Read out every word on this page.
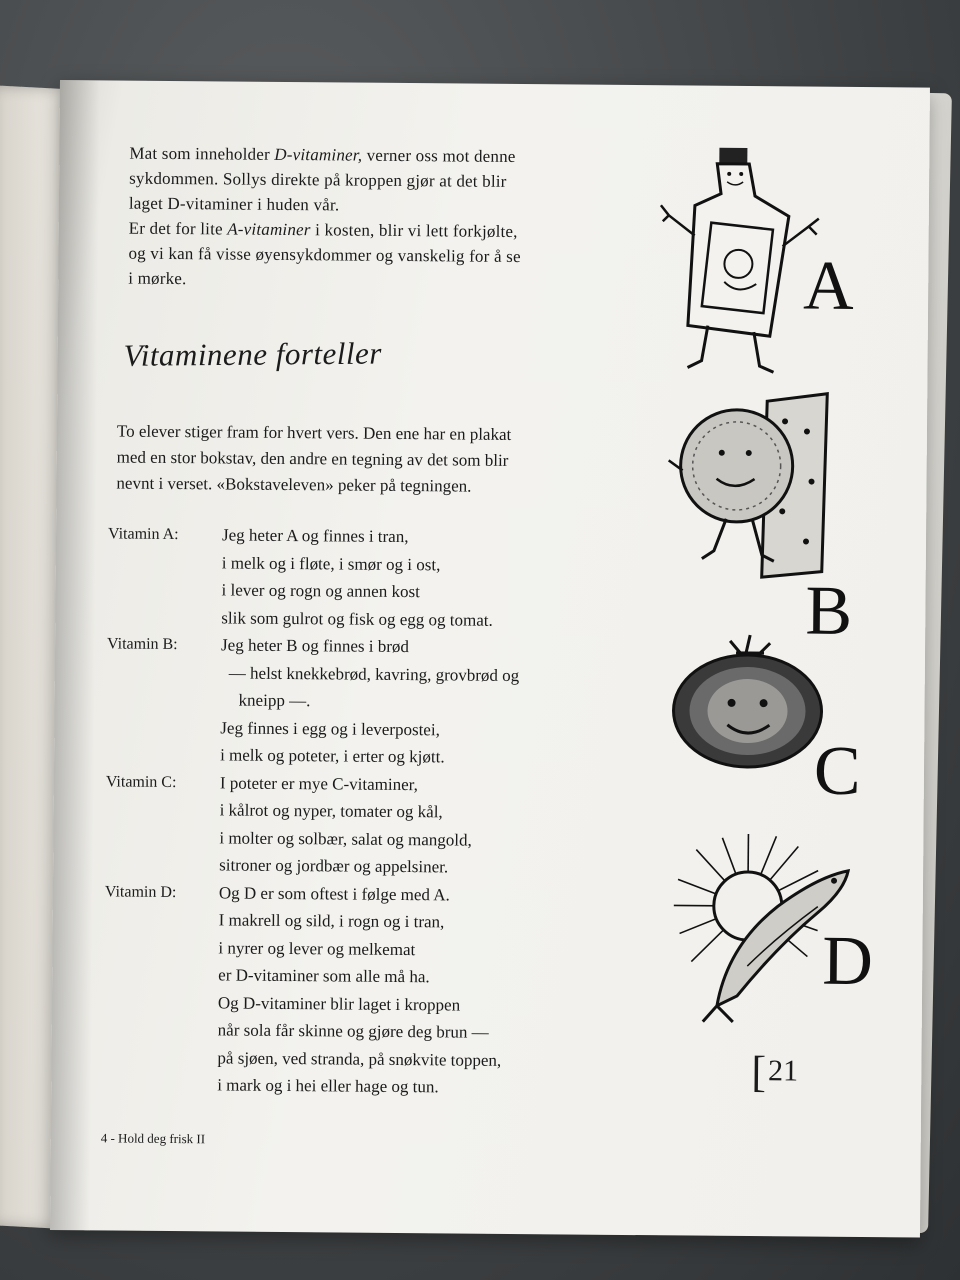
Mat som inneholder D-vitaminer, verner oss mot denne

sykdommen. Sollys direkte på kroppen gjør at det blir

laget D-vitaminer i huden vår.

Er det for lite A-vitaminer i kosten, blir vi lett forkjølte,

og vi kan få visse øyensykdommer og vanskelig for å se

i mørke.

Vitaminene forteller

To elever stiger fram for hvert vers. Den ene har en plakat

med en stor bokstav, den andre en tegning av det som blir

nevnt i verset. «Bokstaveleven» peker på tegningen.

Vitamin A:	Jeg heter A og finnes i tran,
i melk og i fløte, i smør og i ost,
i lever og rogn og annen kost
slik som gulrot og fisk og egg og tomat.
Vitamin B:	Jeg heter B og finnes i brød
— helst knekkebrød, kavring, grovbrød og
kneipp —.
Jeg finnes i egg og i leverpostei,
i melk og poteter, i erter og kjøtt.
Vitamin C:	I poteter er mye C-vitaminer,
i kålrot og nyper, tomater og kål,
i molter og solbær, salat og mangold,
sitroner og jordbær og appelsiner.
Vitamin D:	Og D er som oftest i følge med A.
I makrell og sild, i rogn og i tran,
i nyrer og lever og melkemat
er D-vitaminer som alle må ha.
Og D-vitaminer blir laget i kroppen
når sola får skinne og gjøre deg brun —
på sjøen, ved stranda, på snøkvite toppen,
i mark og i hei eller hage og tun.
A
B
C
D
[21
4 - Hold deg frisk II
